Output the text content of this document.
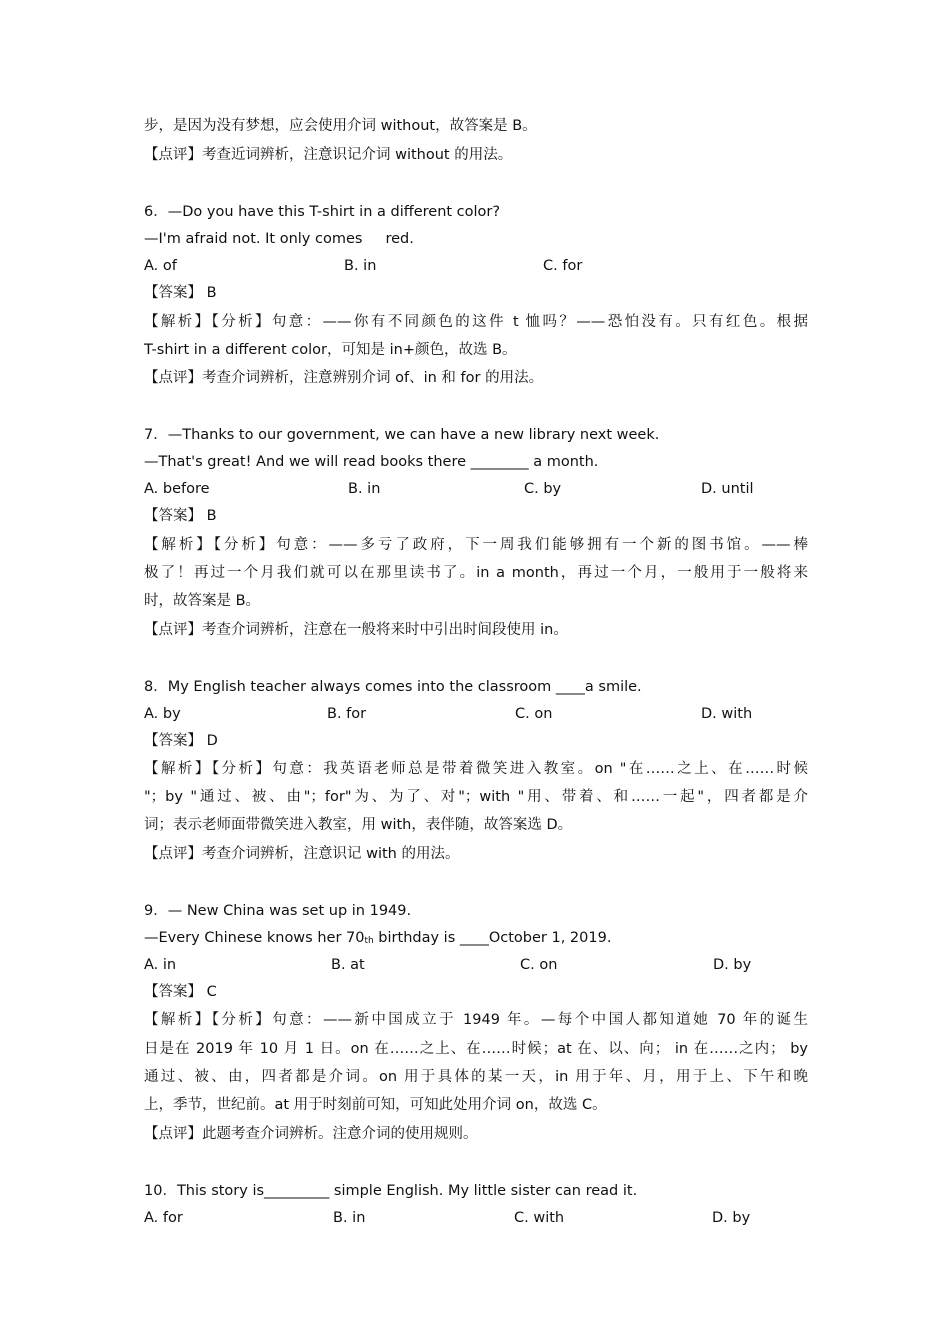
步，是因为没有梦想，应会使用介词 without，故答案是 B。
【点评】考查近词辨析，注意识记介词 without 的用法。
6．—Do you have this T-shirt in a different color?
—I'm afraid not. It only comes     red.
A. of	B. in	C. for
【答案】 B
【解析】【分析】句意：——你有不同颜色的这件 t 恤吗？——恐怕没有。只有红色。根据
T-shirt in a different color，可知是 in+颜色，故选 B。
【点评】考查介词辨析，注意辨别介词 of、in 和 for 的用法。
7．—Thanks to our government, we can have a new library next week.
—That's great! And we will read books there ________ a month.
A. before	B. in	C. by	D. until
【答案】 B
【解析】【分析】句意：——多亏了政府，下一周我们能够拥有一个新的图书馆。——棒
极了！再过一个月我们就可以在那里读书了。in a month，再过一个月，一般用于一般将来
时，故答案是 B。
【点评】考查介词辨析，注意在一般将来时中引出时间段使用 in。
8．My English teacher always comes into the classroom ____a smile.
A. by	B. for	C. on	D. with
【答案】 D
【解析】【分析】句意：我英语老师总是带着微笑进入教室。on "在……之上、在……时候
"；by "通过、被、由"；for"为、为了、对"；with "用、带着、和……一起"，四者都是介
词；表示老师面带微笑进入教室，用 with，表伴随，故答案选 D。
【点评】考查介词辨析，注意识记 with 的用法。
9．— New China was set up in 1949.
—Every Chinese knows her $70_{th}$ birthday is ____October 1, 2019.
A. in	B. at	C. on	D. by
【答案】 C
【解析】【分析】句意：——新中国成立于 1949 年。—每个中国人都知道她 70 年的诞生
日是在 2019 年 10 月 1 日。on 在……之上、在……时候；at 在、以、向； in 在……之内； by
通过、被、由，四者都是介词。on 用于具体的某一天，in 用于年、月，用于上、下午和晚
上，季节，世纪前。at 用于时刻前可知，可知此处用介词 on，故选 C。
【点评】此题考查介词辨析。注意介词的使用规则。
10．This story is_________ simple English. My little sister can read it.
A. for	B. in	C. with	D. by
